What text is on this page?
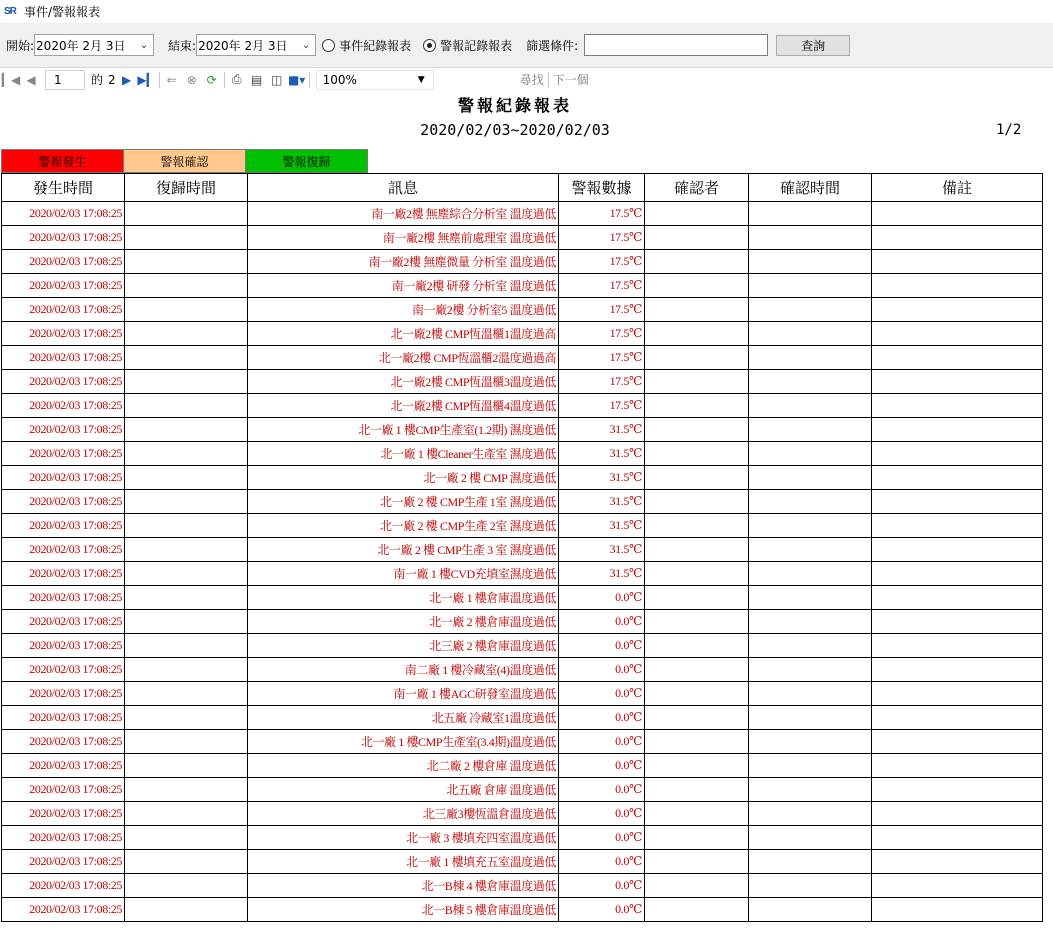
SR 事件/警報報表
開始: 2020年 2月 3日	⌄	結束: 2020年 2月 3日	⌄	事件紀錄報表 警報記錄報表 篩選條件:	查詢
▎◀ ◀ 1 的 2 ▶ ▶▎ ⇐ ⊗ ⟳ ⎙ ▤ ◫ ■▾ 100%	▼	尋找 下一個
警報紀錄報表
2020/02/03~2020/02/03	1/2
警報發生	警報確認	警報復歸
發生時間	復歸時間	訊息	警報數據	確認者	確認時間	備註
2020/02/03 17:08:25		南一廠2樓 無塵綜合分析室 溫度過低	17.5℃			
2020/02/03 17:08:25		南一廠2樓 無塵前處理室 溫度過低	17.5℃			
2020/02/03 17:08:25		南一廠2樓 無塵微量 分析室 溫度過低	17.5℃			
2020/02/03 17:08:25		南一廠2樓 研發 分析室 溫度過低	17.5℃			
2020/02/03 17:08:25		南一廠2樓 分析室5 溫度過低	17.5℃			
2020/02/03 17:08:25		北一廠2樓 CMP恆溫櫃1溫度過高	17.5℃			
2020/02/03 17:08:25		北一廠2樓 CMP恆溫櫃2溫度過過高	17.5℃			
2020/02/03 17:08:25		北一廠2樓 CMP恆溫櫃3溫度過低	17.5℃			
2020/02/03 17:08:25		北一廠2樓 CMP恆溫櫃4溫度過低	17.5℃			
2020/02/03 17:08:25		北一廠 1 樓CMP生產室(1.2期) 濕度過低	31.5℃			
2020/02/03 17:08:25		北一廠 1 樓Cleaner生產室 濕度過低	31.5℃			
2020/02/03 17:08:25		北一廠 2 樓 CMP 濕度過低	31.5℃			
2020/02/03 17:08:25		北一廠 2 樓 CMP生產 1室 濕度過低	31.5℃			
2020/02/03 17:08:25		北一廠 2 樓 CMP生產 2室 濕度過低	31.5℃			
2020/02/03 17:08:25		北一廠 2 樓 CMP生產 3 室 濕度過低	31.5℃			
2020/02/03 17:08:25		南一廠 1 樓CVD充填室濕度過低	31.5℃			
2020/02/03 17:08:25		北一廠 1 樓倉庫溫度過低	0.0℃			
2020/02/03 17:08:25		北一廠 2 樓倉庫溫度過低	0.0℃			
2020/02/03 17:08:25		北三廠 2 樓倉庫溫度過低	0.0℃			
2020/02/03 17:08:25		南二廠 1 樓冷藏室(4)溫度過低	0.0℃			
2020/02/03 17:08:25		南一廠 1 樓AGC研發室溫度過低	0.0℃			
2020/02/03 17:08:25		北五廠 冷藏室1溫度過低	0.0℃			
2020/02/03 17:08:25		北一廠 1 樓CMP生產室(3.4期)溫度過低	0.0℃			
2020/02/03 17:08:25		北二廠 2 樓倉庫 溫度過低	0.0℃			
2020/02/03 17:08:25		北五廠 倉庫 溫度過低	0.0℃			
2020/02/03 17:08:25		北三廠3樓恆溫倉溫度過低	0.0℃			
2020/02/03 17:08:25		北一廠 3 樓填充四室溫度過低	0.0℃			
2020/02/03 17:08:25		北一廠 1 樓填充五室溫度過低	0.0℃			
2020/02/03 17:08:25		北一B棟 4 樓倉庫溫度過低	0.0℃			
2020/02/03 17:08:25		北一B棟 5 樓倉庫溫度過低	0.0℃			
